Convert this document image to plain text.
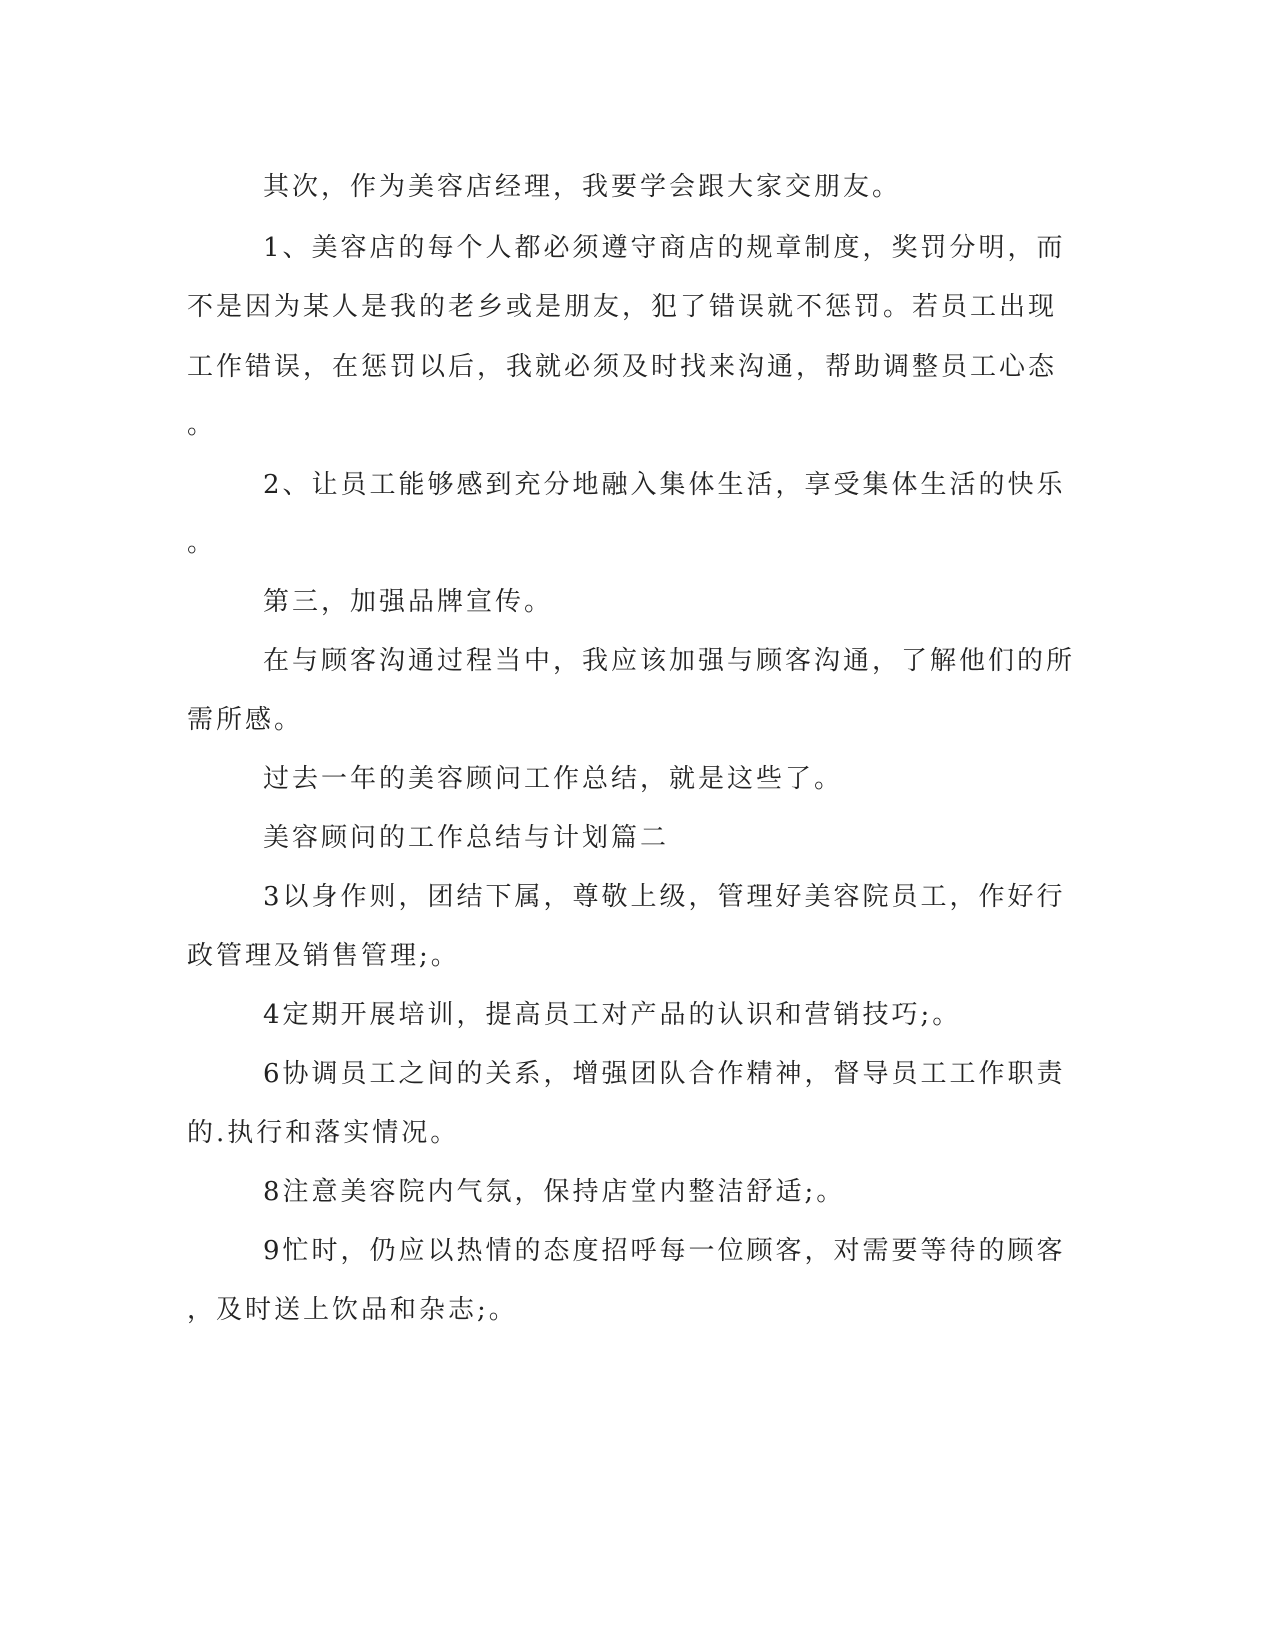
其次，作为美容店经理，我要学会跟大家交朋友。
1、美容店的每个人都必须遵守商店的规章制度，奖罚分明，而
不是因为某人是我的老乡或是朋友，犯了错误就不惩罚。若员工出现
工作错误，在惩罚以后，我就必须及时找来沟通，帮助调整员工心态
。
2、让员工能够感到充分地融入集体生活，享受集体生活的快乐
。
第三，加强品牌宣传。
在与顾客沟通过程当中，我应该加强与顾客沟通，了解他们的所
需所感。
过去一年的美容顾问工作总结，就是这些了。
美容顾问的工作总结与计划篇二
3以身作则，团结下属，尊敬上级，管理好美容院员工，作好行
政管理及销售管理;。
4定期开展培训，提高员工对产品的认识和营销技巧;。
6协调员工之间的关系，增强团队合作精神，督导员工工作职责
的.执行和落实情况。
8注意美容院内气氛，保持店堂内整洁舒适;。
9忙时，仍应以热情的态度招呼每一位顾客，对需要等待的顾客
，及时送上饮品和杂志;。
